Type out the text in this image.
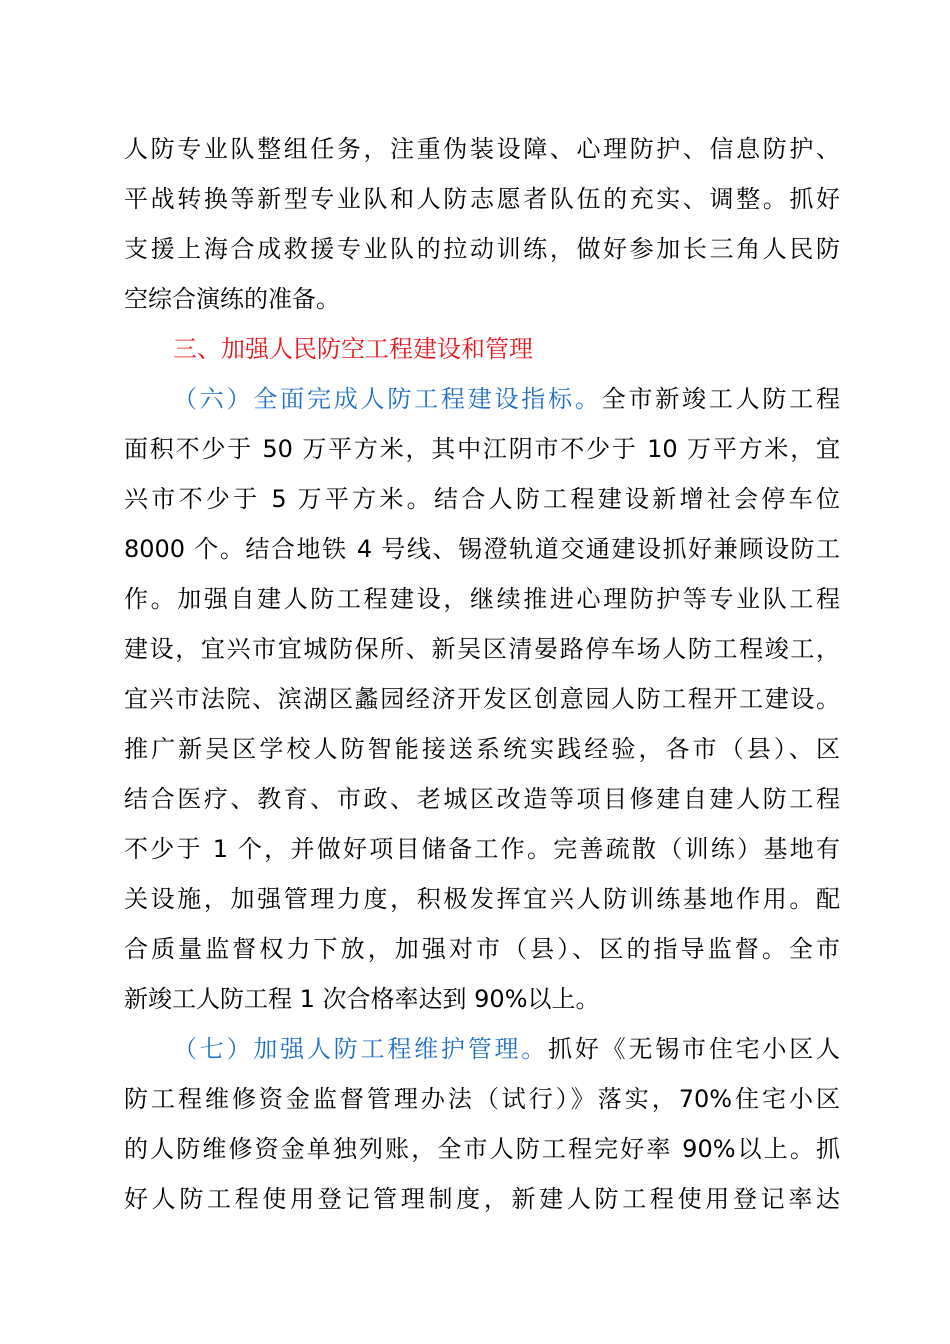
人防专业队整组任务，注重伪装设障、心理防护、信息防护、
平战转换等新型专业队和人防志愿者队伍的充实、调整。抓好
支援上海合成救援专业队的拉动训练，做好参加长三角人民防
空综合演练的准备。
三、加强人民防空工程建设和管理
（六）全面完成人防工程建设指标。全市新竣工人防工程
面积不少于 50 万平方米，其中江阴市不少于 10 万平方米，宜
兴市不少于 5 万平方米。结合人防工程建设新增社会停车位
8000 个。结合地铁 4 号线、锡澄轨道交通建设抓好兼顾设防工
作。加强自建人防工程建设，继续推进心理防护等专业队工程
建设，宜兴市宜城防保所、新吴区清晏路停车场人防工程竣工，
宜兴市法院、滨湖区蠡园经济开发区创意园人防工程开工建设。
推广新吴区学校人防智能接送系统实践经验，各市（县）、区
结合医疗、教育、市政、老城区改造等项目修建自建人防工程
不少于 1 个，并做好项目储备工作。完善疏散（训练）基地有
关设施，加强管理力度，积极发挥宜兴人防训练基地作用。配
合质量监督权力下放，加强对市（县）、区的指导监督。全市
新竣工人防工程 1 次合格率达到 90%以上。
（七）加强人防工程维护管理。抓好《无锡市住宅小区人
防工程维修资金监督管理办法（试行）》落实，70%住宅小区
的人防维修资金单独列账，全市人防工程完好率 90%以上。抓
好人防工程使用登记管理制度，新建人防工程使用登记率达
